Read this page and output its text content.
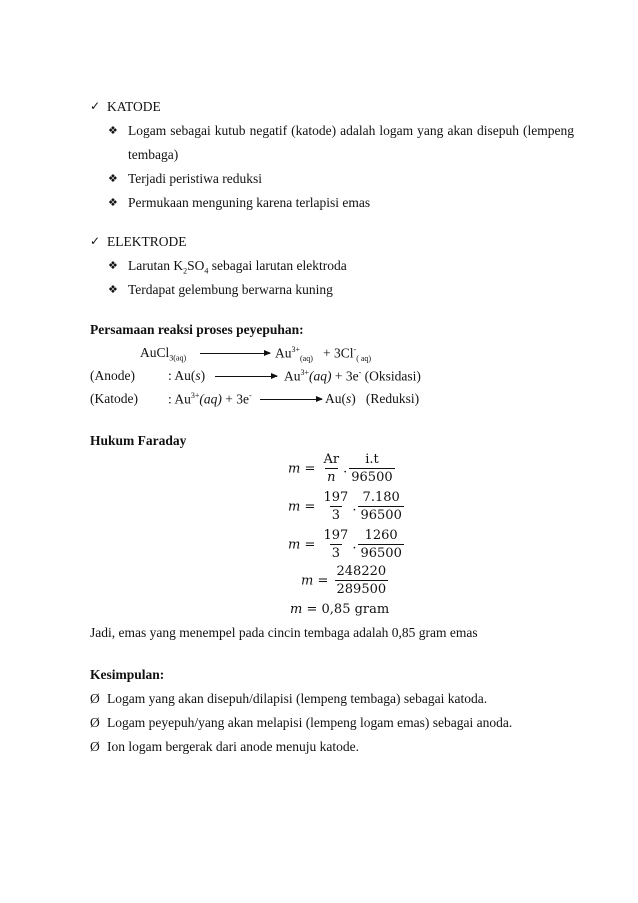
✓ KATODE
❖ Logam sebagai kutub negatif (katode) adalah logam yang akan disepuh (lempeng
tembaga)
❖ Terjadi peristiwa reduksi
❖ Permukaan menguning karena terlapisi emas
✓ ELEKTRODE
❖ Larutan $K_2SO_4$ sebagai larutan elektroda
❖ Terdapat gelembung berwarna kuning
Persamaan reaksi proses peyepuhan:
AuCl$_{3(aq)}$	$Au^{3+}_{(aq)} + 3Cl^-_{( aq)}$
(Anode) : Au(s)	$Au^{3+}(aq) + 3e^-$ (Oksidasi)
(Katode) : $Au^{3+}(aq) + 3e^-$	Au(s) (Reduksi)
Hukum Faraday
$m = \frac{Ar}{n}$ . $\frac{i.t}{96500}$
$m = \frac{197}{3}$ . $\frac{7.180}{96500}$
$m = \frac{197}{3}$ . $\frac{1260}{96500}$
$m = \frac{248220}{289500}$
m = 0,85 gram
Jadi, emas yang menempel pada cincin tembaga adalah 0,85 gram emas
Kesimpulan:
Ø Logam yang akan disepuh/dilapisi (lempeng tembaga) sebagai katoda.
Ø Logam peyepuh/yang akan melapisi (lempeng logam emas) sebagai anoda.
Ø Ion logam bergerak dari anode menuju katode.
